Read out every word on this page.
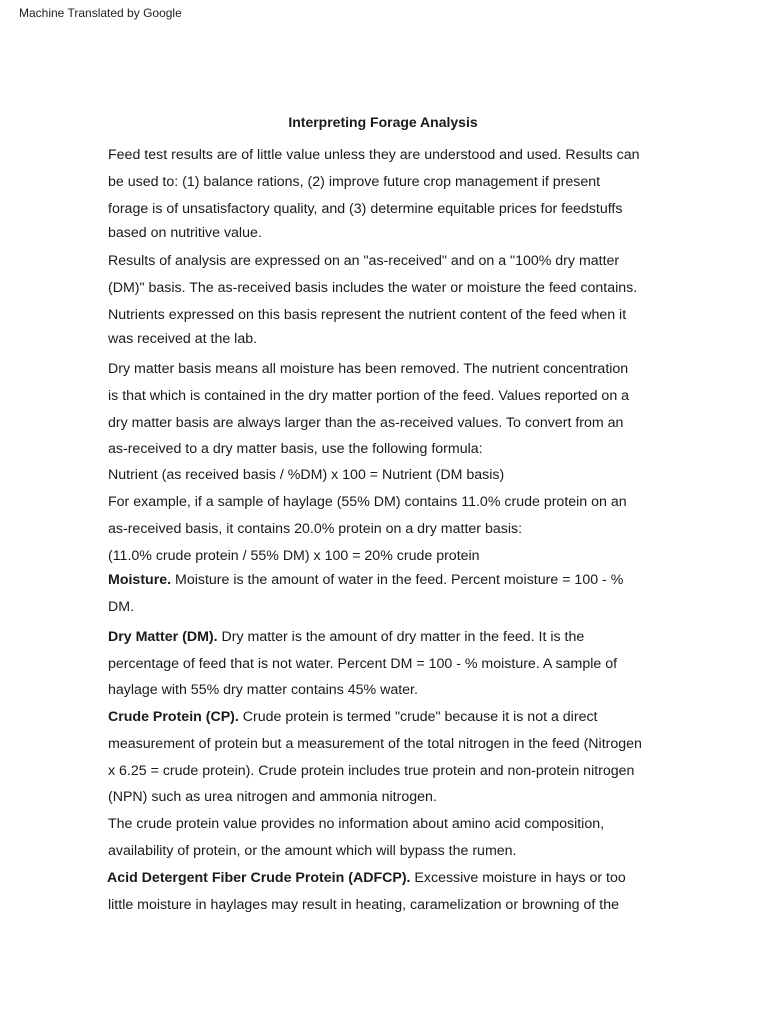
Machine Translated by Google
Interpreting Forage Analysis
Feed test results are of little value unless they are understood and used. Results can
be used to: (1) balance rations, (2) improve future crop management if present
forage is of unsatisfactory quality, and (3) determine equitable prices for feedstuffs
based on nutritive value.
Results of analysis are expressed on an "as-received" and on a "100% dry matter
(DM)" basis. The as-received basis includes the water or moisture the feed contains.
Nutrients expressed on this basis represent the nutrient content of the feed when it
was received at the lab.
Dry matter basis means all moisture has been removed. The nutrient concentration
is that which is contained in the dry matter portion of the feed. Values reported on a
dry matter basis are always larger than the as-received values. To convert from an
as-received to a dry matter basis, use the following formula:
Nutrient (as received basis / %DM) x 100 = Nutrient (DM basis)
For example, if a sample of haylage (55% DM) contains 11.0% crude protein on an
as-received basis, it contains 20.0% protein on a dry matter basis:
(11.0% crude protein / 55% DM) x 100 = 20% crude protein
Moisture. Moisture is the amount of water in the feed. Percent moisture = 100 - %
DM.
Dry Matter (DM). Dry matter is the amount of dry matter in the feed. It is the
percentage of feed that is not water. Percent DM = 100 - % moisture. A sample of
haylage with 55% dry matter contains 45% water.
Crude Protein (CP). Crude protein is termed "crude" because it is not a direct
measurement of protein but a measurement of the total nitrogen in the feed (Nitrogen
x 6.25 = crude protein). Crude protein includes true protein and non-protein nitrogen
(NPN) such as urea nitrogen and ammonia nitrogen.
The crude protein value provides no information about amino acid composition,
availability of protein, or the amount which will bypass the rumen.
Acid Detergent Fiber Crude Protein (ADFCP). Excessive moisture in hays or too
little moisture in haylages may result in heating, caramelization or browning of the
